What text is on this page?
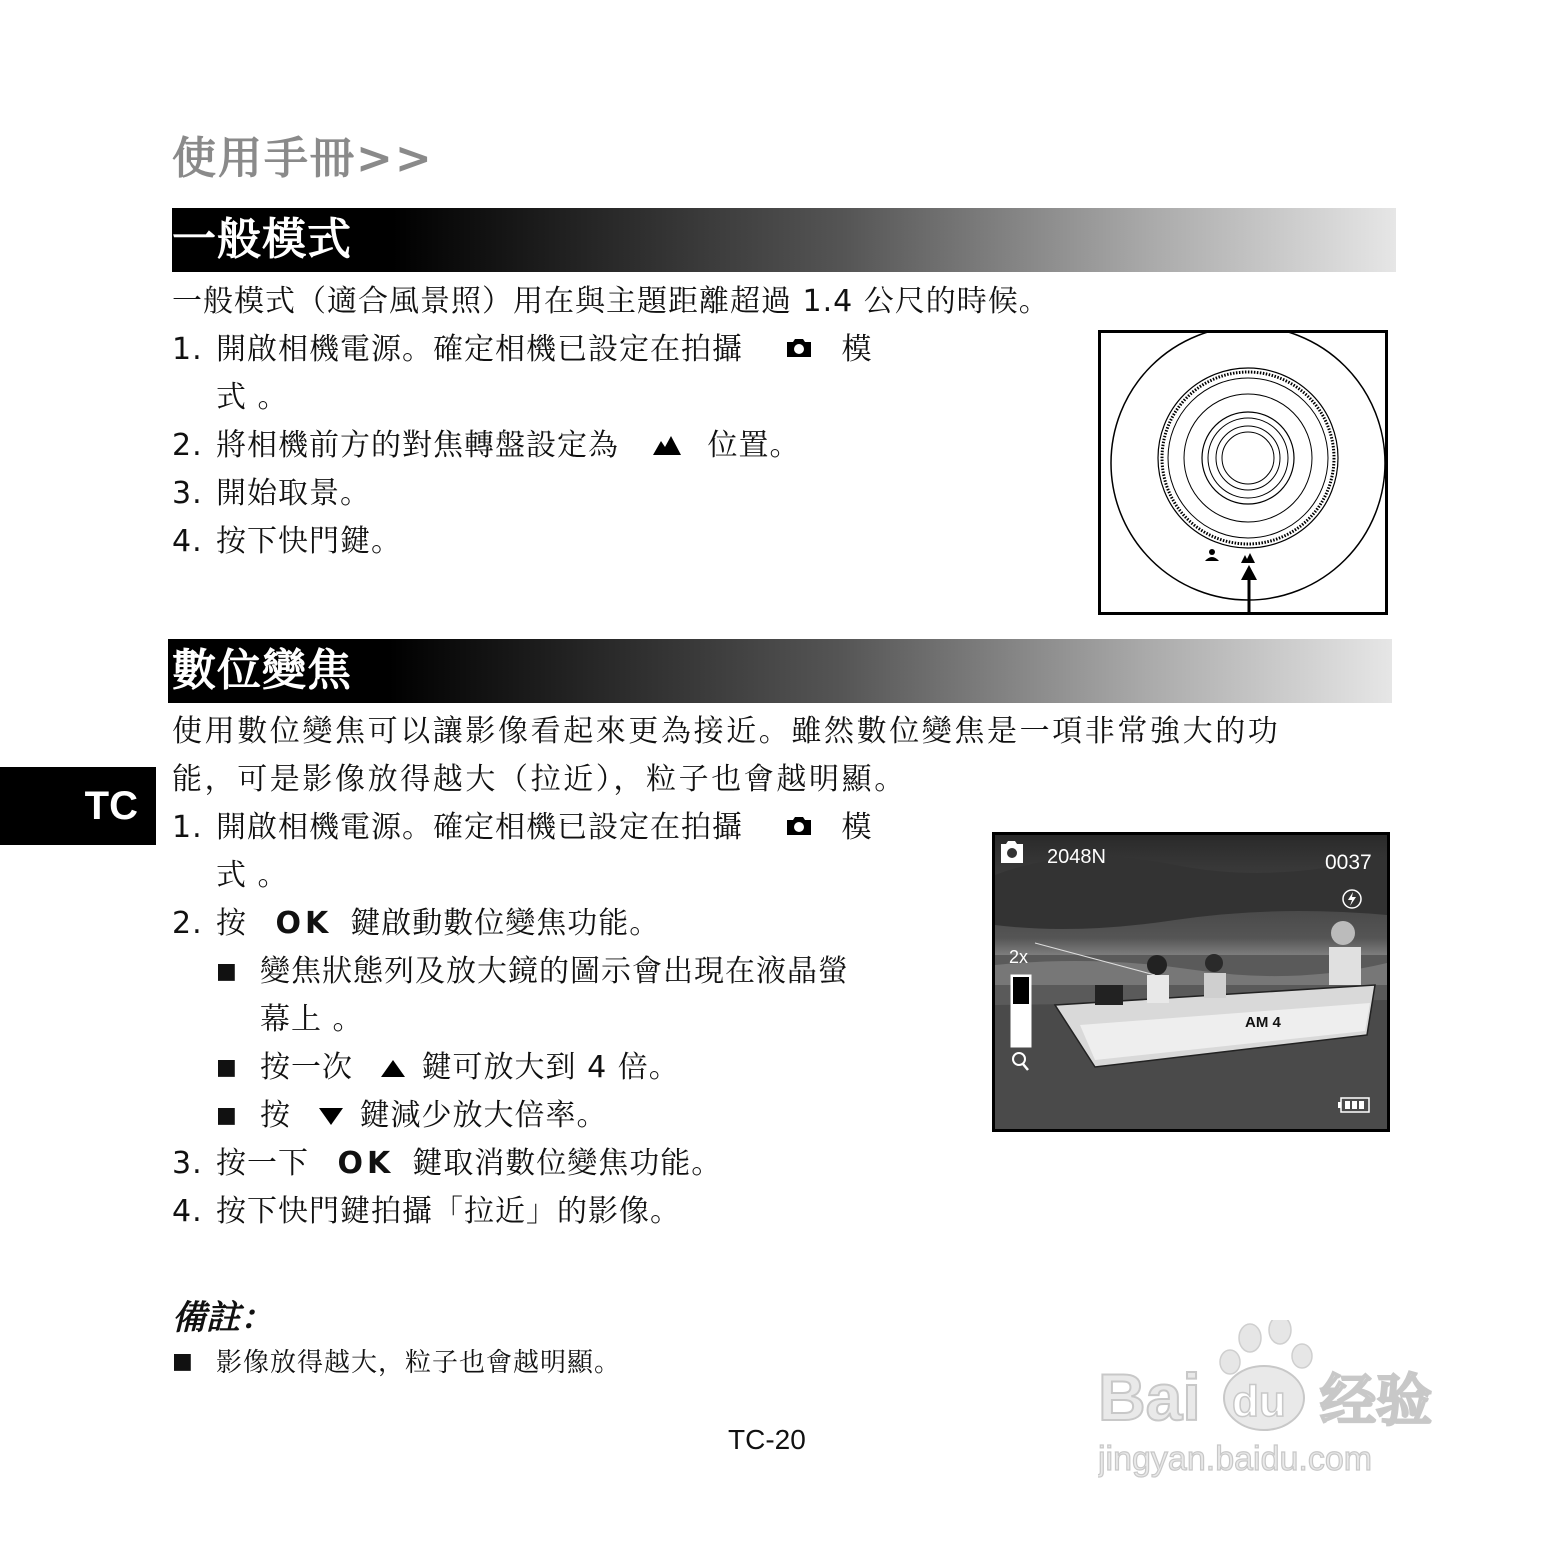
使用手冊>>
一般模式
一般模式（適合風景照）用在與主題距離超過 1.4 公尺的時候。
1. 開啟相機電源。確定相機已設定在拍攝	模
式 。
2. 將相機前方的對焦轉盤設定為	位置。
3. 開始取景。
4. 按下快門鍵。
數位變焦
使用數位變焦可以讓影像看起來更為接近。雖然數位變焦是一項非常強大的功
能，可是影像放得越大（拉近），粒子也會越明顯。
TC	1. 開啟相機電源。確定相機已設定在拍攝	模
式 。
2. 按 OK 鍵啟動數位變焦功能。
■ 變焦狀態列及放大鏡的圖示會出現在液晶螢
幕上 。
■ 按一次 鍵可放大到 4 倍。
■ 按 鍵減少放大倍率。
3. 按一下 OK 鍵取消數位變焦功能。
4. 按下快門鍵拍攝「拉近」的影像。
AM 4
2048N	0037
2x
備註：
■ 影像放得越大，粒子也會越明顯。
TC-20
Bai du 经验
jingyan.baidu.com
